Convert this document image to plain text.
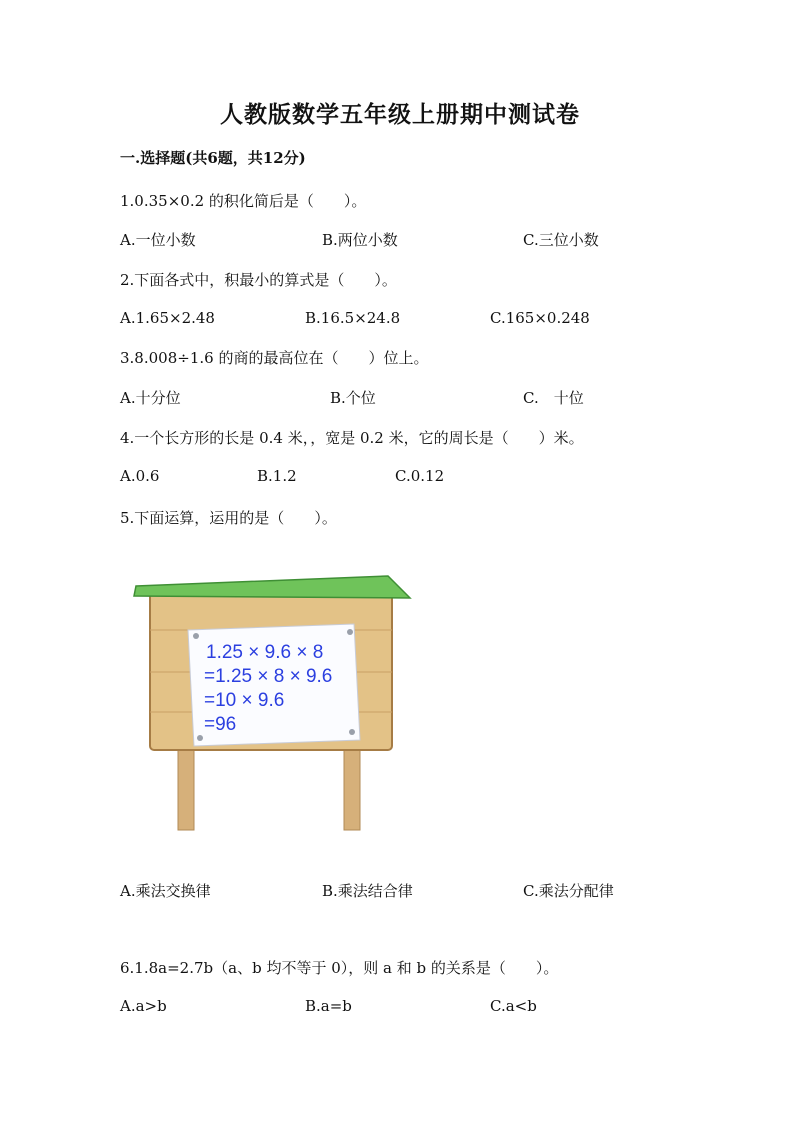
人教版数学五年级上册期中测试卷
一.选择题(共6题，共12分)
1.0.35×0.2 的积化简后是（　　）。
A.一位小数	B.两位小数	C.三位小数
2.下面各式中，积最小的算式是（　　）。
A.1.65×2.48	B.16.5×24.8	C.165×0.248
3.8.008÷1.6 的商的最高位在（　　）位上。
A.十分位	B.个位	C.　十位
4.一个长方形的长是 0.4 米，，宽是 0.2 米，它的周长是（　　）米。
A.0.6	B.1.2	C.0.12
5.下面运算，运用的是（　　）。
1.25 × 9.6 × 8
=1.25 × 8 × 9.6
=10 × 9.6
=96
A.乘法交换律	B.乘法结合律	C.乘法分配律
6.1.8a=2.7b（a、b 均不等于 0），则 a 和 b 的关系是（　　）。
A.a>b	B.a=b	C.a<b
